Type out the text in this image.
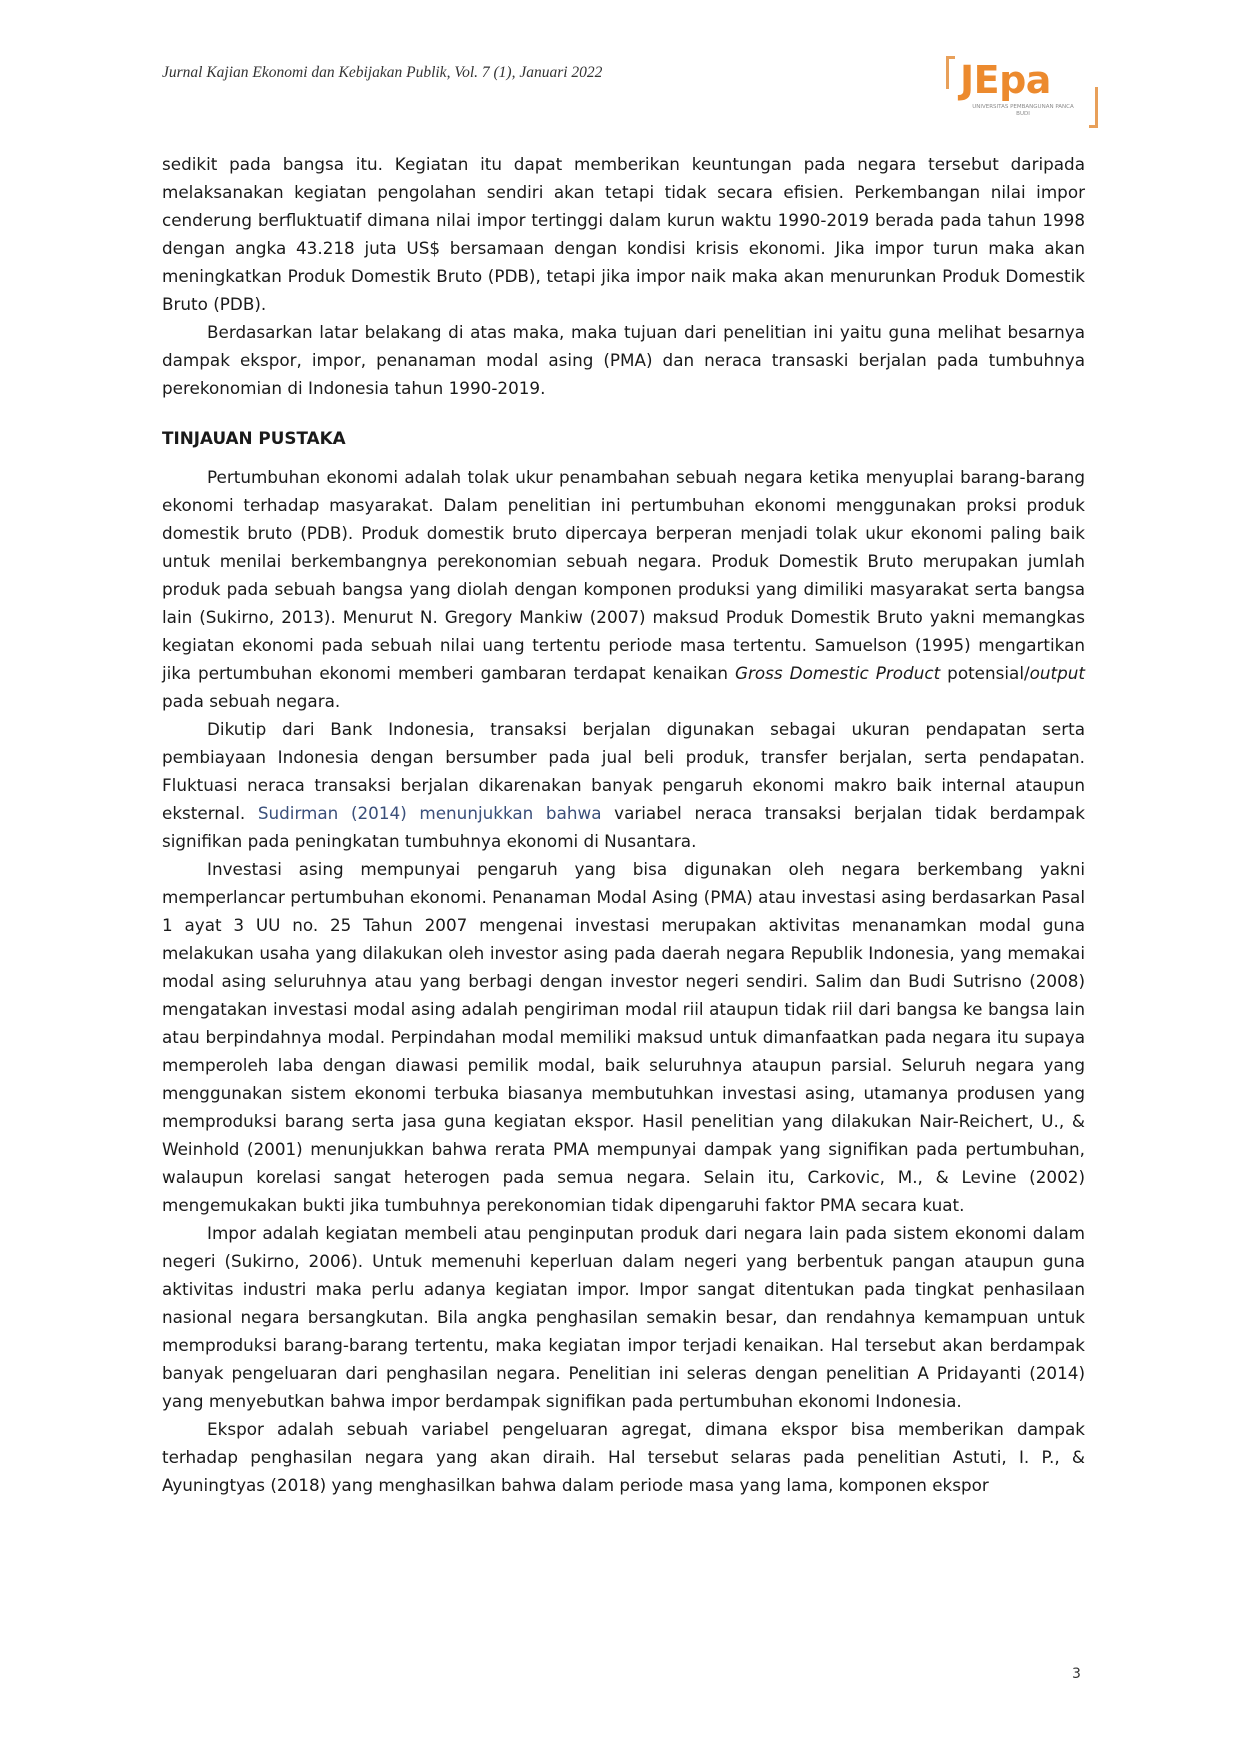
Jurnal Kajian Ekonomi dan Kebijakan Publik, Vol. 7 (1), Januari 2022	JEpa
UNIVERSITAS PEMBANGUNAN PANCA BUDI

sedikit pada bangsa itu. Kegiatan itu dapat memberikan keuntungan pada negara tersebut daripada melaksanakan kegiatan pengolahan sendiri akan tetapi tidak secara efisien. Perkembangan nilai impor cenderung berfluktuatif dimana nilai impor tertinggi dalam kurun waktu 1990-2019 berada pada tahun 1998 dengan angka 43.218 juta US$ bersamaan dengan kondisi krisis ekonomi. Jika impor turun maka akan meningkatkan Produk Domestik Bruto (PDB), tetapi jika impor naik maka akan menurunkan Produk Domestik Bruto (PDB).

Berdasarkan latar belakang di atas maka, maka tujuan dari penelitian ini yaitu guna melihat besarnya dampak ekspor, impor, penanaman modal asing (PMA) dan neraca transaski berjalan pada tumbuhnya perekonomian di Indonesia tahun 1990-2019.

TINJAUAN PUSTAKA

Pertumbuhan ekonomi adalah tolak ukur penambahan sebuah negara ketika menyuplai barang-barang ekonomi terhadap masyarakat. Dalam penelitian ini pertumbuhan ekonomi menggunakan proksi produk domestik bruto (PDB). Produk domestik bruto dipercaya berperan menjadi tolak ukur ekonomi paling baik untuk menilai berkembangnya perekonomian sebuah negara. Produk Domestik Bruto merupakan jumlah produk pada sebuah bangsa yang diolah dengan komponen produksi yang dimiliki masyarakat serta bangsa lain (Sukirno, 2013). Menurut N. Gregory Mankiw (2007) maksud Produk Domestik Bruto yakni memangkas kegiatan ekonomi pada sebuah nilai uang tertentu periode masa tertentu. Samuelson (1995) mengartikan jika pertumbuhan ekonomi memberi gambaran terdapat kenaikan Gross Domestic Product potensial/output pada sebuah negara.

Dikutip dari Bank Indonesia, transaksi berjalan digunakan sebagai ukuran pendapatan serta pembiayaan Indonesia dengan bersumber pada jual beli produk, transfer berjalan, serta pendapatan. Fluktuasi neraca transaksi berjalan dikarenakan banyak pengaruh ekonomi makro baik internal ataupun eksternal. Sudirman (2014) menunjukkan bahwa variabel neraca transaksi berjalan tidak berdampak signifikan pada peningkatan tumbuhnya ekonomi di Nusantara.

Investasi asing mempunyai pengaruh yang bisa digunakan oleh negara berkembang yakni memperlancar pertumbuhan ekonomi. Penanaman Modal Asing (PMA) atau investasi asing berdasarkan Pasal 1 ayat 3 UU no. 25 Tahun 2007 mengenai investasi merupakan aktivitas menanamkan modal guna melakukan usaha yang dilakukan oleh investor asing pada daerah negara Republik Indonesia, yang memakai modal asing seluruhnya atau yang berbagi dengan investor negeri sendiri. Salim dan Budi Sutrisno (2008) mengatakan investasi modal asing adalah pengiriman modal riil ataupun tidak riil dari bangsa ke bangsa lain atau berpindahnya modal. Perpindahan modal memiliki maksud untuk dimanfaatkan pada negara itu supaya memperoleh laba dengan diawasi pemilik modal, baik seluruhnya ataupun parsial. Seluruh negara yang menggunakan sistem ekonomi terbuka biasanya membutuhkan investasi asing, utamanya produsen yang memproduksi barang serta jasa guna kegiatan ekspor. Hasil penelitian yang dilakukan Nair-Reichert, U., & Weinhold (2001) menunjukkan bahwa rerata PMA mempunyai dampak yang signifikan pada pertumbuhan, walaupun korelasi sangat heterogen pada semua negara. Selain itu, Carkovic, M., & Levine (2002) mengemukakan bukti jika tumbuhnya perekonomian tidak dipengaruhi faktor PMA secara kuat.

Impor adalah kegiatan membeli atau penginputan produk dari negara lain pada sistem ekonomi dalam negeri (Sukirno, 2006). Untuk memenuhi keperluan dalam negeri yang berbentuk pangan ataupun guna aktivitas industri maka perlu adanya kegiatan impor. Impor sangat ditentukan pada tingkat penhasilaan nasional negara bersangkutan. Bila angka penghasilan semakin besar, dan rendahnya kemampuan untuk memproduksi barang-barang tertentu, maka kegiatan impor terjadi kenaikan. Hal tersebut akan berdampak banyak pengeluaran dari penghasilan negara. Penelitian ini seleras dengan penelitian A Pridayanti (2014) yang menyebutkan bahwa impor berdampak signifikan pada pertumbuhan ekonomi Indonesia.

Ekspor adalah sebuah variabel pengeluaran agregat, dimana ekspor bisa memberikan dampak terhadap penghasilan negara yang akan diraih. Hal tersebut selaras pada penelitian Astuti, I. P., & Ayuningtyas (2018) yang menghasilkan bahwa dalam periode masa yang lama, komponen ekspor

3
